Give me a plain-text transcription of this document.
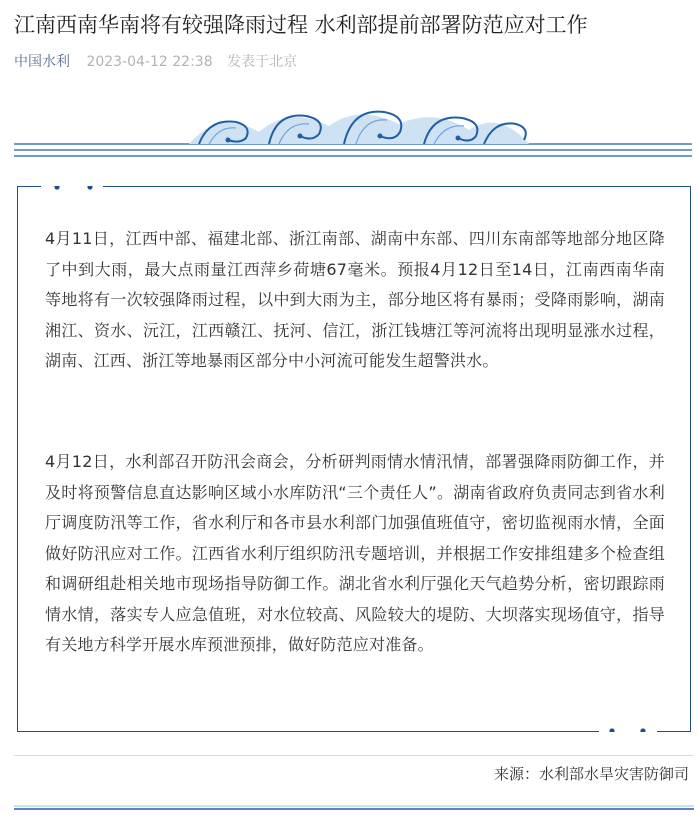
江南西南华南将有较强降雨过程 水利部提前部署防范应对工作
中国水利 2023-04-12 22:38 发表于北京
4月11日，江西中部、福建北部、浙江南部、湖南中东部、四川东南部等地部分地区降了中到大雨，最大点雨量江西萍乡荷塘67毫米。预报4月12日至14日，江南西南华南等地将有一次较强降雨过程，以中到大雨为主，部分地区将有暴雨；受降雨影响，湖南湘江、资水、沅江，江西赣江、抚河、信江，浙江钱塘江等河流将出现明显涨水过程，湖南、江西、浙江等地暴雨区部分中小河流可能发生超警洪水。
4月12日，水利部召开防汛会商会，分析研判雨情水情汛情，部署强降雨防御工作，并及时将预警信息直达影响区域小水库防汛“三个责任人”。湖南省政府负责同志到省水利厅调度防汛等工作，省水利厅和各市县水利部门加强值班值守，密切监视雨水情，全面做好防汛应对工作。江西省水利厅组织防汛专题培训，并根据工作安排组建多个检查组和调研组赴相关地市现场指导防御工作。湖北省水利厅强化天气趋势分析，密切跟踪雨情水情，落实专人应急值班，对水位较高、风险较大的堤防、大坝落实现场值守，指导有关地方科学开展水库预泄预排，做好防范应对准备。
来源：水利部水旱灾害防御司
